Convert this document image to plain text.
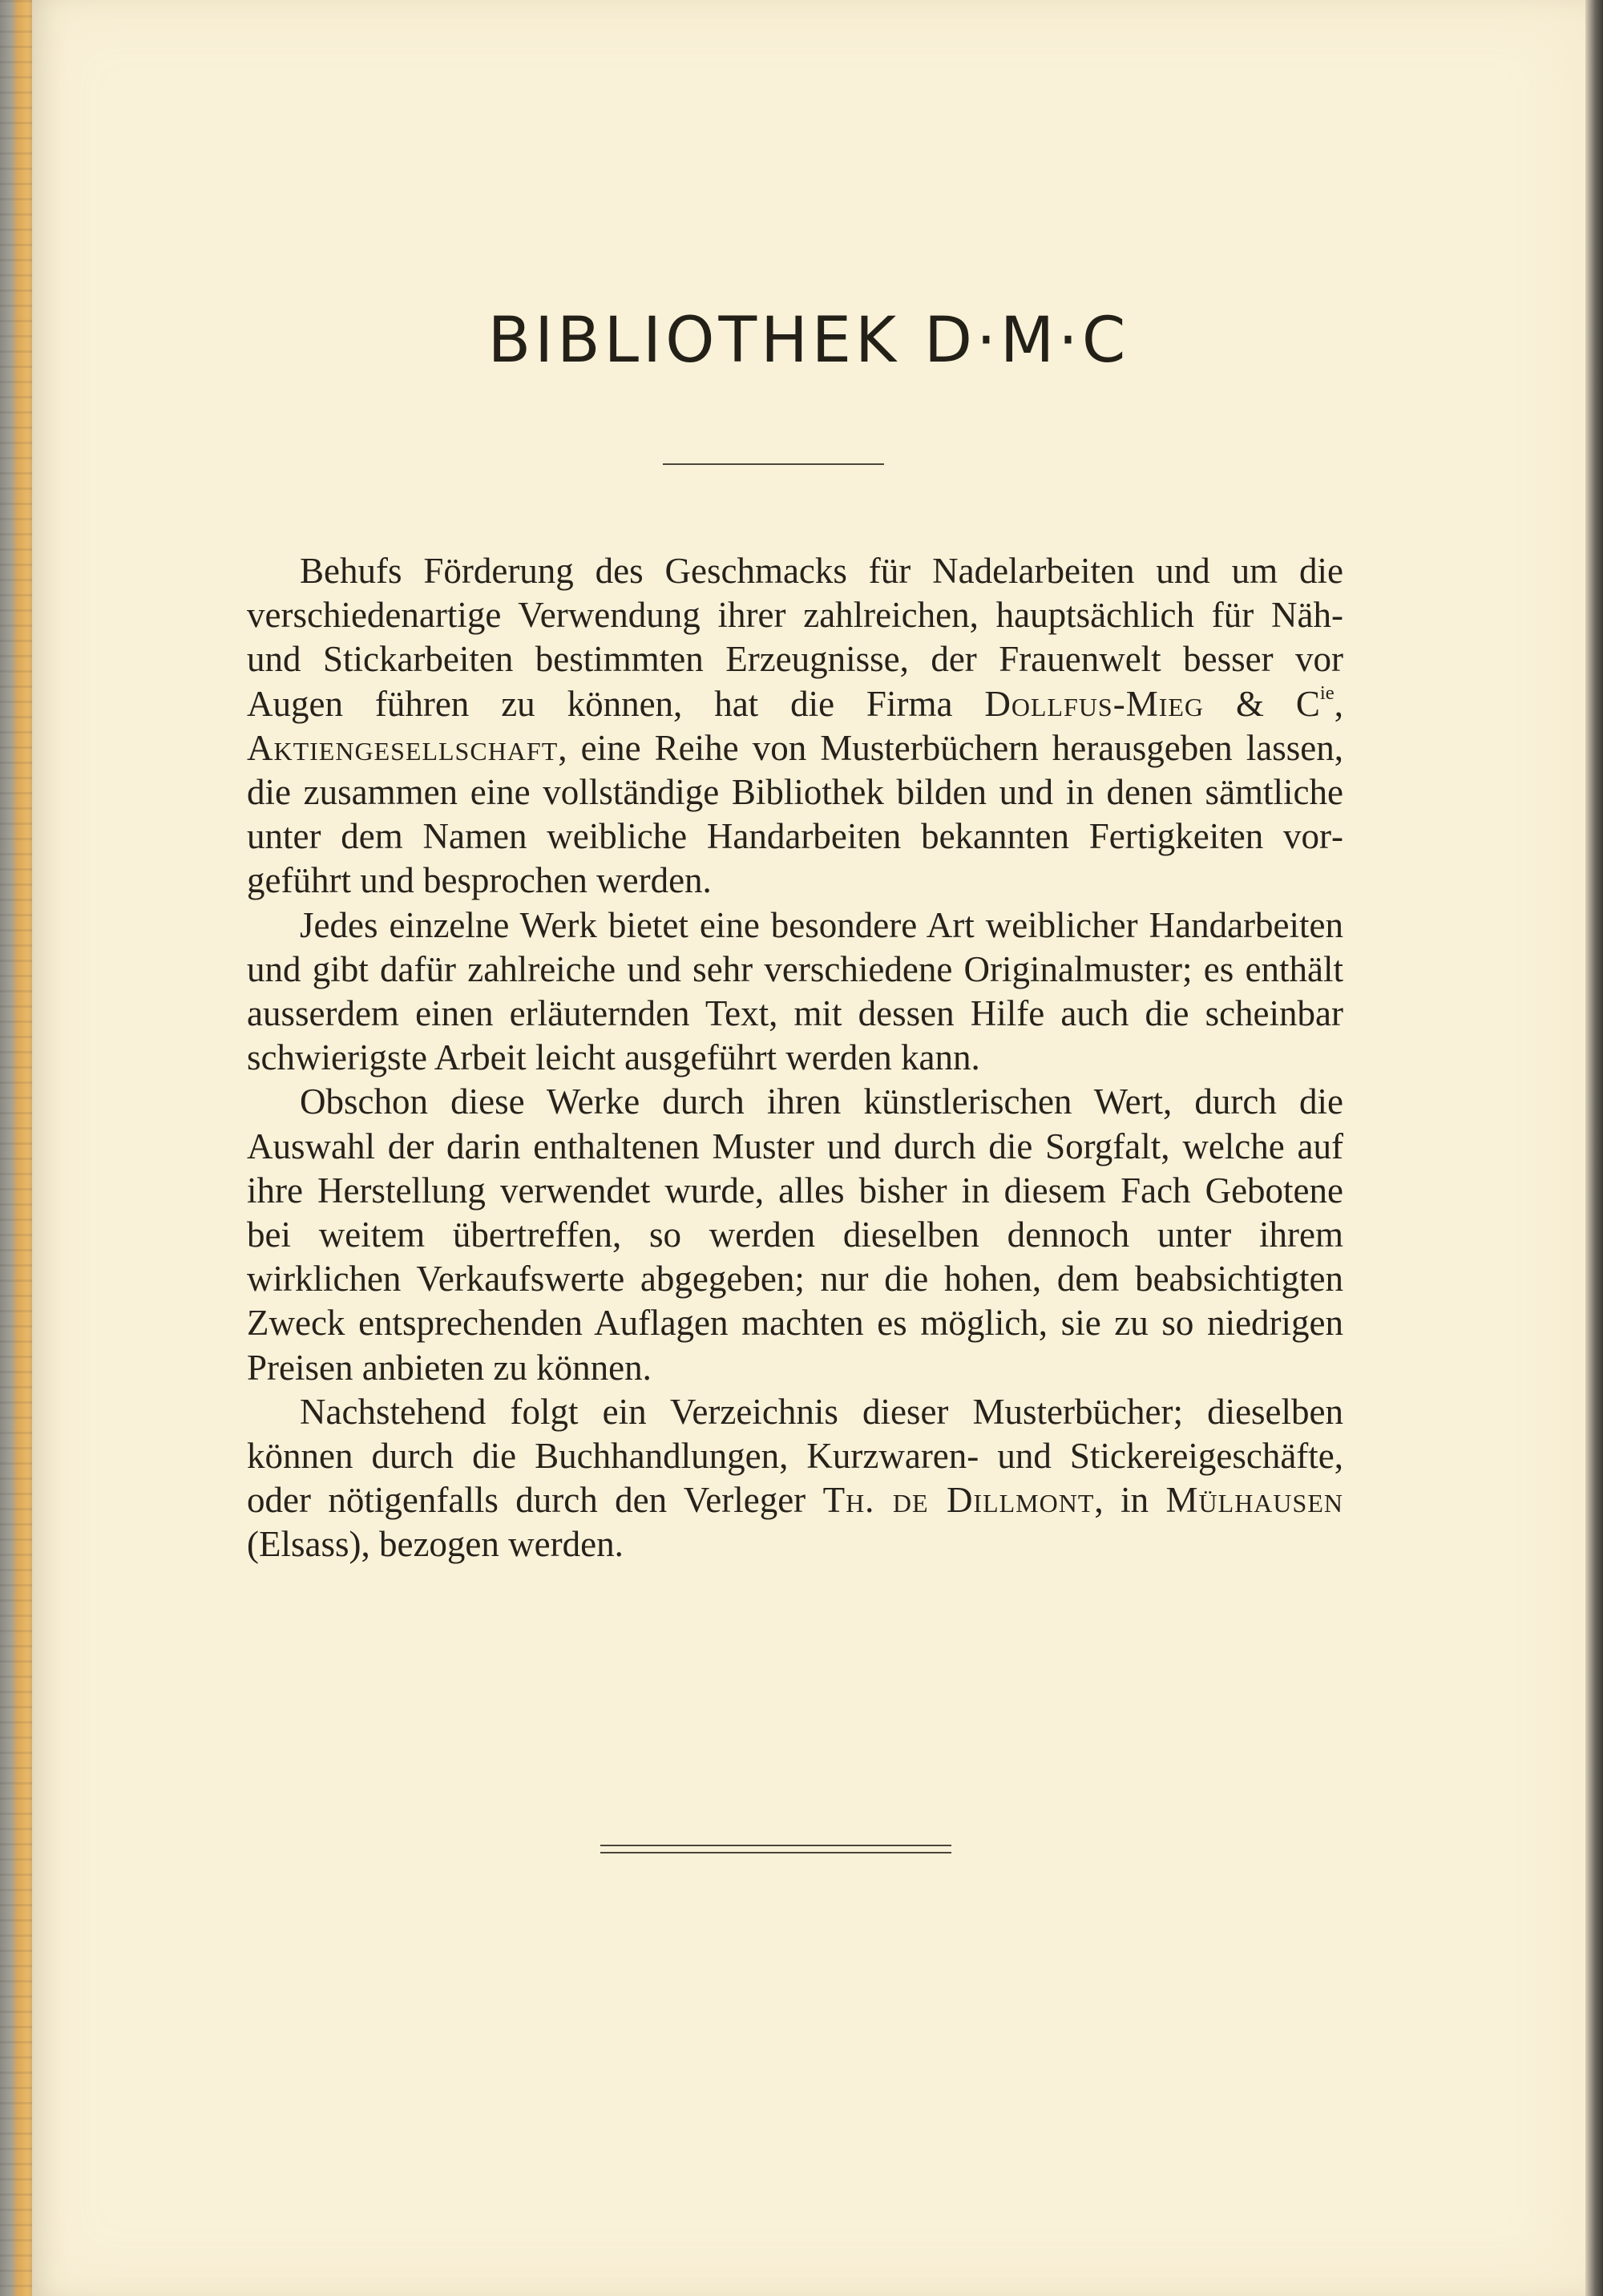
BIBLIOTHEK D·M·C

Behufs Förderung des Geschmacks für Nadelarbeiten und um die verschiedenartige Verwendung ihrer zahlreichen, hauptsächlich für Näh- und Stickarbeiten bestimmten Erzeugnisse, der Frauenwelt besser vor Augen führen zu können, hat die Firma Dollfus-Mieg & $C^{ie}$, Aktiengesellschaft, eine Reihe von Musterbüchern herausgeben lassen, die zusammen eine vollständige Bibliothek bilden und in denen sämtliche unter dem Namen weibliche Handarbeiten bekannten Fertigkeiten vorgeführt und besprochen werden.

Jedes einzelne Werk bietet eine besondere Art weiblicher Handarbeiten und gibt dafür zahlreiche und sehr verschiedene Originalmuster; es enthält ausserdem einen erläuternden Text, mit dessen Hilfe auch die scheinbar schwierigste Arbeit leicht ausgeführt werden kann.

Obschon diese Werke durch ihren künstlerischen Wert, durch die Auswahl der darin enthaltenen Muster und durch die Sorgfalt, welche auf ihre Herstellung verwendet wurde, alles bisher in diesem Fach Gebotene bei weitem übertreffen, so werden dieselben dennoch unter ihrem wirklichen Verkaufswerte abgegeben; nur die hohen, dem beabsichtigten Zweck entsprechenden Auflagen machten es möglich, sie zu so niedrigen Preisen anbieten zu können.

Nachstehend folgt ein Verzeichnis dieser Musterbücher; dieselben können durch die Buchhandlungen, Kurzwaren- und Stickereigeschäfte, oder nötigenfalls durch den Verleger Th. de Dillmont, in Mülhausen (Elsass), bezogen werden.
